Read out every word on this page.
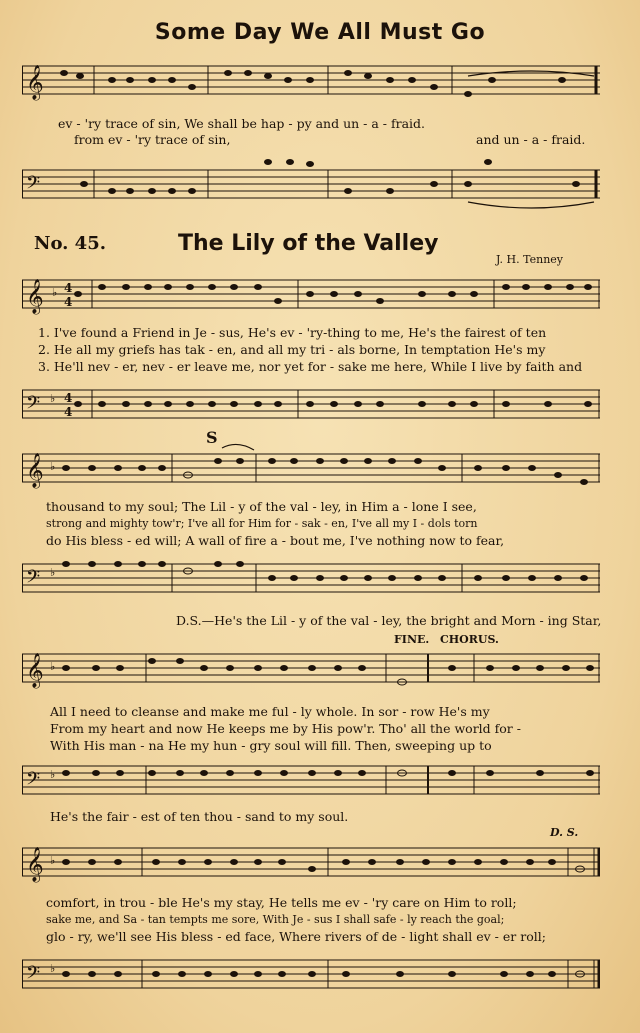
Some Day We All Must Go
𝄞
ev - 'ry trace of sin, We shall be hap - py and un - a - fraid.
from ev - 'ry trace of sin,	and un - a - fraid.
𝄢
No. 45.	The Lily of the Valley
J. H. Tenney
𝄞 ♭ 4
4
1. I've found a Friend in Je - sus, He's ev - 'ry-thing to me, He's the fairest of ten
2. He all my griefs has tak - en, and all my tri - als borne, In temptation He's my
3. He'll nev - er, nev - er leave me, nor yet for - sake me here, While I live by faith and
𝄢 ♭ 4
4
S
𝄞 ♭
thousand to my soul; The Lil - y of the val - ley, in Him a - lone I see,
strong and mighty tow'r; I've all for Him for - sak - en, I've all my I - dols torn
do His bless - ed will; A wall of fire a - bout me, I've nothing now to fear,
𝄢 ♭
D.S.—He's the Lil - y of the val - ley, the bright and Morn - ing Star,
FINE. CHORUS.
𝄞 ♭
All I need to cleanse and make me ful - ly whole. In sor - row He's my
From my heart and now He keeps me by His pow'r. Tho' all the world for -
With His man - na He my hun - gry soul will fill. Then, sweeping up to
𝄢 ♭
He's the fair - est of ten thou - sand to my soul.
D. S.
𝄞 ♭
comfort, in trou - ble He's my stay, He tells me ev - 'ry care on Him to roll;
sake me, and Sa - tan tempts me sore, With Je - sus I shall safe - ly reach the goal;
glo - ry, we'll see His bless - ed face, Where rivers of de - light shall ev - er roll;
𝄢 ♭
